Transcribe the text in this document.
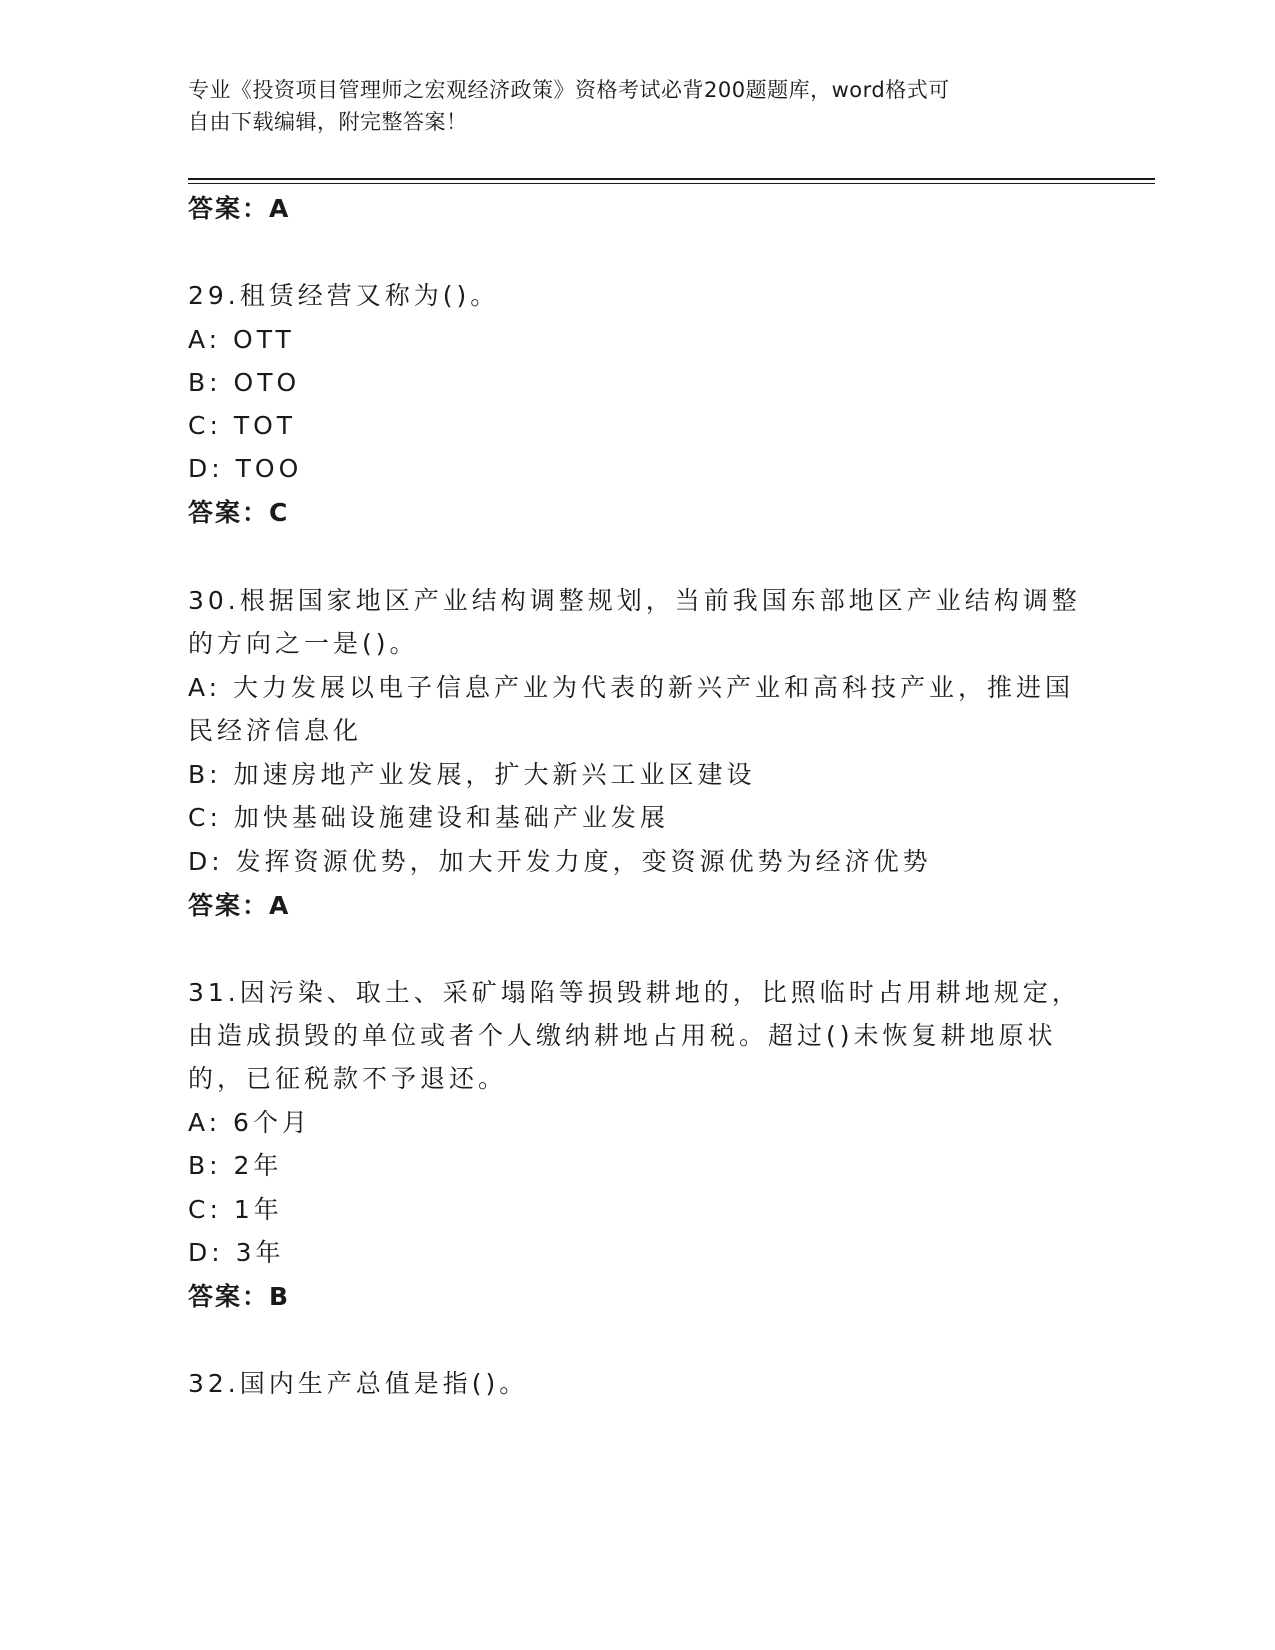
专业《投资项目管理师之宏观经济政策》资格考试必背200题题库，word格式可
自由下载编辑，附完整答案！
答案：A
29.租赁经营又称为()。
A: OTT
B: OTO
C: TOT
D: TOO
答案：C
30.根据国家地区产业结构调整规划，当前我国东部地区产业结构调整
的方向之一是()。
A: 大力发展以电子信息产业为代表的新兴产业和高科技产业，推进国
民经济信息化
B: 加速房地产业发展，扩大新兴工业区建设
C: 加快基础设施建设和基础产业发展
D: 发挥资源优势，加大开发力度，变资源优势为经济优势
答案：A
31.因污染、取土、采矿塌陷等损毁耕地的，比照临时占用耕地规定，
由造成损毁的单位或者个人缴纳耕地占用税。超过()未恢复耕地原状
的，已征税款不予退还。
A: 6个月
B: 2年
C: 1年
D: 3年
答案：B
32.国内生产总值是指()。
